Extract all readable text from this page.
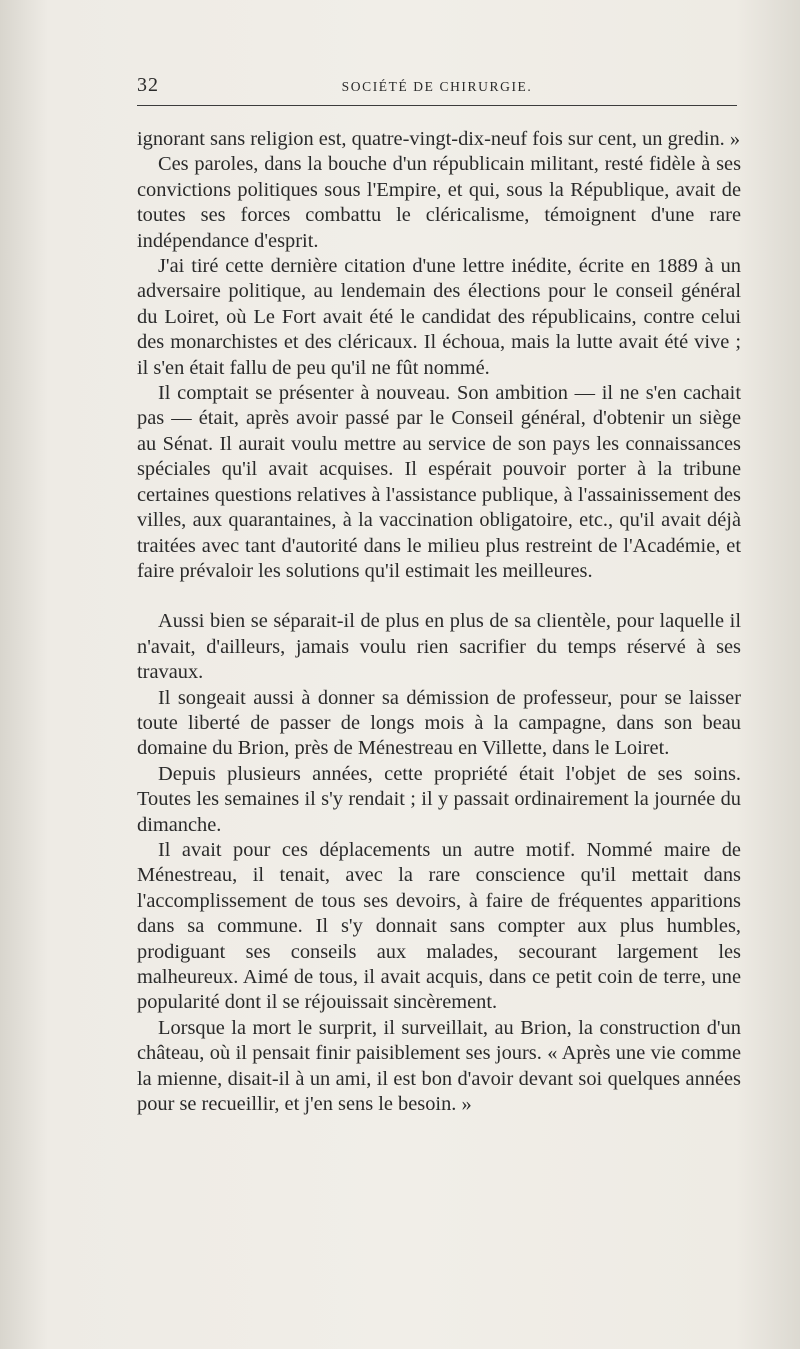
32	SOCIÉTÉ DE CHIRURGIE.

ignorant sans religion est, quatre-vingt-dix-neuf fois sur cent, un gredin. »

Ces paroles, dans la bouche d'un républicain militant, resté fidèle à ses convictions politiques sous l'Empire, et qui, sous la République, avait de toutes ses forces combattu le cléricalisme, témoignent d'une rare indépendance d'esprit.

J'ai tiré cette dernière citation d'une lettre inédite, écrite en 1889 à un adversaire politique, au lendemain des élections pour le conseil général du Loiret, où Le Fort avait été le candidat des républicains, contre celui des monarchistes et des cléricaux. Il échoua, mais la lutte avait été vive ; il s'en était fallu de peu qu'il ne fût nommé.

Il comptait se présenter à nouveau. Son ambition — il ne s'en cachait pas — était, après avoir passé par le Conseil général, d'obtenir un siège au Sénat. Il aurait voulu mettre au service de son pays les connaissances spéciales qu'il avait acquises. Il espérait pouvoir porter à la tribune certaines questions relatives à l'assistance publique, à l'assainissement des villes, aux quarantaines, à la vaccination obligatoire, etc., qu'il avait déjà traitées avec tant d'autorité dans le milieu plus restreint de l'Académie, et faire prévaloir les solutions qu'il estimait les meilleures.

Aussi bien se séparait-il de plus en plus de sa clientèle, pour laquelle il n'avait, d'ailleurs, jamais voulu rien sacrifier du temps réservé à ses travaux.

Il songeait aussi à donner sa démission de professeur, pour se laisser toute liberté de passer de longs mois à la campagne, dans son beau domaine du Brion, près de Ménestreau en Villette, dans le Loiret.

Depuis plusieurs années, cette propriété était l'objet de ses soins. Toutes les semaines il s'y rendait ; il y passait ordinairement la journée du dimanche.

Il avait pour ces déplacements un autre motif. Nommé maire de Ménestreau, il tenait, avec la rare conscience qu'il mettait dans l'accomplissement de tous ses devoirs, à faire de fréquentes apparitions dans sa commune. Il s'y donnait sans compter aux plus humbles, prodiguant ses conseils aux malades, secourant largement les malheureux. Aimé de tous, il avait acquis, dans ce petit coin de terre, une popularité dont il se réjouissait sincèrement.

Lorsque la mort le surprit, il surveillait, au Brion, la construction d'un château, où il pensait finir paisiblement ses jours. « Après une vie comme la mienne, disait-il à un ami, il est bon d'avoir devant soi quelques années pour se recueillir, et j'en sens le besoin. »
